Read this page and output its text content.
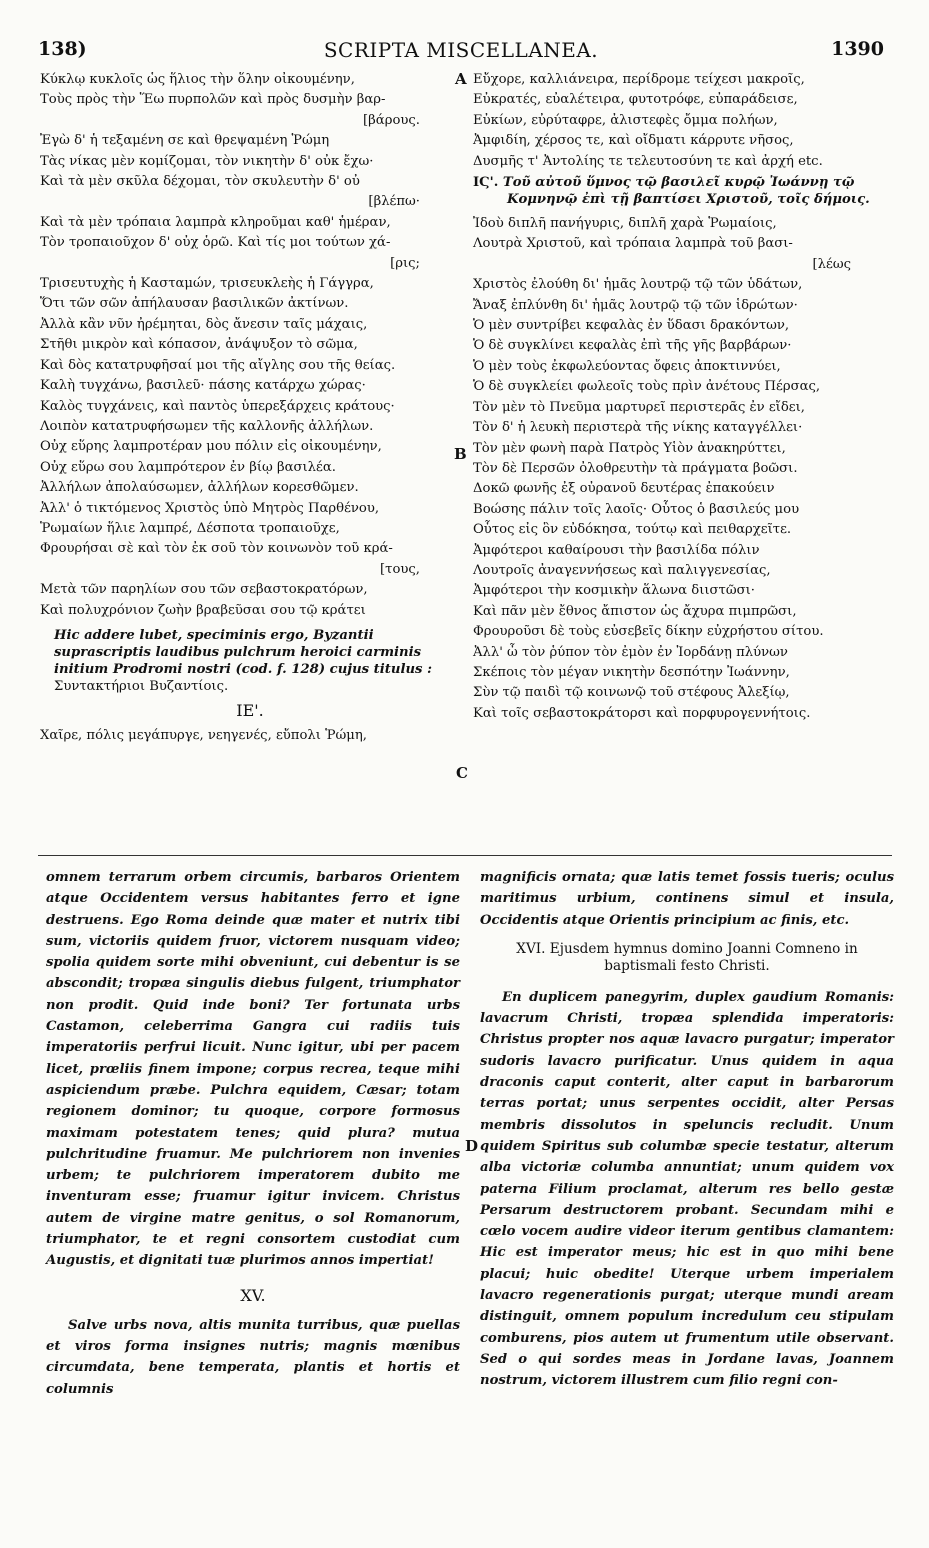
138)	SCRIPTA MISCELLANEA.	1390
A
B
C
D
Κύκλῳ κυκλοῖς ὡς ἥλιος τὴν ὅλην οἰκουμένην,
Τοὺς πρὸς τὴν Ἕω πυρπολῶν καὶ πρὸς δυσμὴν βαρ-
[βάρους.
Ἐγὼ δ' ἡ τεξαμένη σε καὶ θρεψαμένη Ῥώμη
Τὰς νίκας μὲν κομίζομαι, τὸν νικητὴν δ' οὐκ ἔχω·
Καὶ τὰ μὲν σκῦλα δέχομαι, τὸν σκυλευτὴν δ' οὐ
[βλέπω·
Καὶ τὰ μὲν τρόπαια λαμπρὰ κληροῦμαι καθ' ἡμέραν,
Τὸν τροπαιοῦχον δ' οὐχ ὁρῶ. Καὶ τίς μοι τούτων χά-
[ρις;
Τρισευτυχὴς ἡ Κασταμών, τρισευκλεὴς ἡ Γάγγρα,
Ὅτι τῶν σῶν ἀπήλαυσαν βασιλικῶν ἀκτίνων.
Ἀλλὰ κἂν νῦν ἠρέμηται, δὸς ἄνεσιν ταῖς μάχαις,
Στῆθι μικρὸν καὶ κόπασον, ἀνάψυξον τὸ σῶμα,
Καὶ δὸς κατατρυφῆσαί μοι τῆς αἴγλης σου τῆς θείας.
Καλὴ τυγχάνω, βασιλεῦ· πάσης κατάρχω χώρας·
Καλὸς τυγχάνεις, καὶ παντὸς ὑπερεξάρχεις κράτους·
Λοιπὸν κατατρυφήσωμεν τῆς καλλονῆς ἀλλήλων.
Οὐχ εὕρης λαμπροτέραν μου πόλιν εἰς οἰκουμένην,
Οὐχ εὕρω σου λαμπρότερον ἐν βίῳ βασιλέα.
Ἀλλήλων ἀπολαύσωμεν, ἀλλήλων κορεσθῶμεν.
Ἀλλ' ὁ τικτόμενος Χριστὸς ὑπὸ Μητρὸς Παρθένου,
Ῥωμαίων ἥλιε λαμπρέ, Δέσποτα τροπαιοῦχε,
Φρουρήσαι σὲ καὶ τὸν ἐκ σοῦ τὸν κοινωνὸν τοῦ κρά-
[τους,
Μετὰ τῶν παρηλίων σου τῶν σεβαστοκρατόρων,
Καὶ πολυχρόνιον ζωὴν βραβεῦσαι σου τῷ κράτει
Hic addere lubet, speciminis ergo, Byzantii suprascriptis laudibus pulchrum heroici carminis initium Prodromi nostri (cod. f. 128) cujus titulus : Συντακτήριοι Βυζαντίοις.
ΙΕ'.
Χαῖρε, πόλις μεγάπυργε, νεηγενές, εὔπολι Ῥώμη,
Εὔχορε, καλλιάνειρα, περίδρομε τείχεσι μακροῖς,
Εὐκρατές, εὐαλέτειρα, φυτοτρόφε, εὐπαράδεισε,
Εὐκίων, εὐρύταφρε, ἀλιστεφὲς ὄμμα πολήων,
Ἀμφιδίη, χέρσος τε, καὶ οἴδματι κάρρυτε νῆσος,
Δυσμῆς τ' Ἀντολίης τε τελευτοσύνη τε καὶ ἀρχή etc.
ΙϚ'. Τοῦ αὐτοῦ ὕμνος τῷ βασιλεῖ κυρῷ Ἰωάννῃ τῷ Κομνηνῷ ἐπὶ τῇ βαπτίσει Χριστοῦ, τοῖς δήμοις.
Ἰδοὺ διπλῆ πανήγυρις, διπλῆ χαρὰ Ῥωμαίοις,
Λουτρὰ Χριστοῦ, καὶ τρόπαια λαμπρὰ τοῦ βασι-
[λέως
Χριστὸς ἐλούθη δι' ἡμᾶς λουτρῷ τῷ τῶν ὑδάτων,
Ἄναξ ἐπλύνθη δι' ἡμᾶς λουτρῷ τῷ τῶν ἱδρώτων·
Ὁ μὲν συντρίβει κεφαλὰς ἐν ὕδασι δρακόντων,
Ὁ δὲ συγκλίνει κεφαλὰς ἐπὶ τῆς γῆς βαρβάρων·
Ὁ μὲν τοὺς ἐκφωλεύοντας ὄφεις ἀποκτιννύει,
Ὁ δὲ συγκλείει φωλεοῖς τοὺς πρὶν ἀνέτους Πέρσας,
Τὸν μὲν τὸ Πνεῦμα μαρτυρεῖ περιστερᾶς ἐν εἴδει,
Τὸν δ' ἡ λευκὴ περιστερὰ τῆς νίκης καταγγέλλει·
Τὸν μὲν φωνὴ παρὰ Πατρὸς Υἱὸν ἀνακηρύττει,
Τὸν δὲ Περσῶν ὀλοθρευτὴν τὰ πράγματα βοῶσι.
Δοκῶ φωνῆς ἐξ οὐρανοῦ δευτέρας ἐπακούειν
Βοώσης πάλιν τοῖς λαοῖς· Οὗτος ὁ βασιλεύς μου
Οὗτος εἰς ὃν εὐδόκησα, τούτῳ καὶ πειθαρχεῖτε.
Ἀμφότεροι καθαίρουσι τὴν βασιλίδα πόλιν
Λουτροῖς ἀναγεννήσεως καὶ παλιγγενεσίας,
Ἀμφότεροι τὴν κοσμικὴν ἅλωνα διιστῶσι·
Καὶ πᾶν μὲν ἔθνος ἄπιστον ὡς ἄχυρα πιμπρῶσι,
Φρουροῦσι δὲ τοὺς εὐσεβεῖς δίκην εὐχρήστου σίτου.
Ἀλλ' ὦ τὸν ῥύπον τὸν ἐμὸν ἐν Ἰορδάνῃ πλύνων
Σκέποις τὸν μέγαν νικητὴν δεσπότην Ἰωάννην,
Σὺν τῷ παιδὶ τῷ κοινωνῷ τοῦ στέφους Ἀλεξίῳ,
Καὶ τοῖς σεβαστοκράτορσι καὶ πορφυρογεννήτοις.
omnem terrarum orbem circumis, barbaros Orientem atque Occidentem versus habitantes ferro et igne destruens. Ego Roma deinde quæ mater et nutrix tibi sum, victoriis quidem fruor, victorem nusquam video; spolia quidem sorte mihi obveniunt, cui debentur is se abscondit; tropæa singulis diebus fulgent, triumphator non prodit. Quid inde boni? Ter fortunata urbs Castamon, celeberrima Gangra cui radiis tuis imperatoriis perfrui licuit. Nunc igitur, ubi per pacem licet, prœliis finem impone; corpus recrea, teque mihi aspiciendum præbe. Pulchra equidem, Cæsar; totam regionem dominor; tu quoque, corpore formosus maximam potestatem tenes; quid plura? mutua pulchritudine fruamur. Me pulchriorem non invenies urbem; te pulchriorem imperatorem dubito me inventuram esse; fruamur igitur invicem. Christus autem de virgine matre genitus, o sol Romanorum, triumphator, te et regni consortem custodiat cum Augustis, et dignitati tuæ plurimos annos impertiat!
XV.
Salve urbs nova, altis munita turribus, quæ puellas et viros forma insignes nutris; magnis mœnibus circumdata, bene temperata, plantis et hortis et columnis
magnificis ornata; quæ latis temet fossis tueris; oculus maritimus urbium, continens simul et insula, Occidentis atque Orientis principium ac finis, etc.
XVI. Ejusdem hymnus domino Joanni Comneno in baptismali festo Christi.
En duplicem panegyrim, duplex gaudium Romanis: lavacrum Christi, tropæa splendida imperatoris: Christus propter nos aquæ lavacro purgatur; imperator sudoris lavacro purificatur. Unus quidem in aqua draconis caput conterit, alter caput in barbarorum terras portat; unus serpentes occidit, alter Persas membris dissolutos in speluncis recludit. Unum quidem Spiritus sub columbæ specie testatur, alterum alba victoriæ columba annuntiat; unum quidem vox paterna Filium proclamat, alterum res bello gestæ Persarum destructorem probant. Secundam mihi e cœlo vocem audire videor iterum gentibus clamantem: Hic est imperator meus; hic est in quo mihi bene placui; huic obedite! Uterque urbem imperialem lavacro regenerationis purgat; uterque mundi aream distinguit, omnem populum incredulum ceu stipulam comburens, pios autem ut frumentum utile observant. Sed o qui sordes meas in Jordane lavas, Joannem nostrum, victorem illustrem cum filio regni con-
